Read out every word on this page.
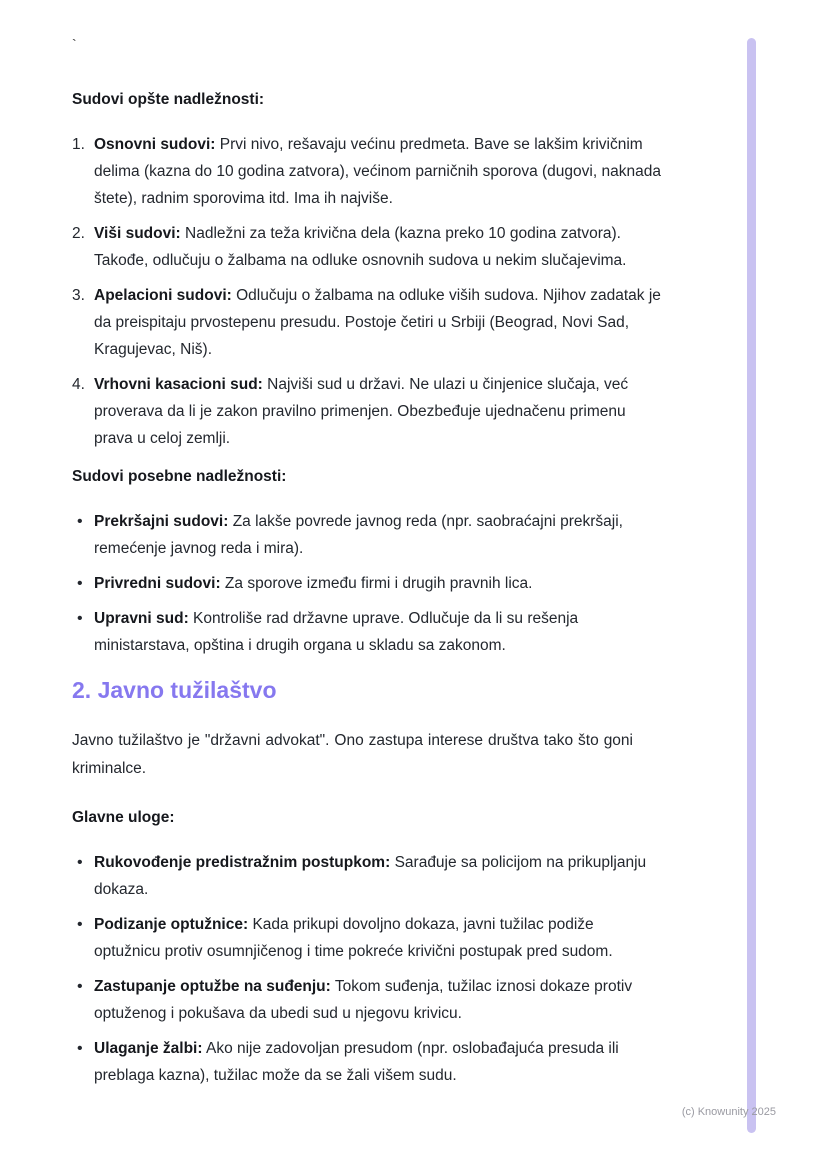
`
Sudovi opšte nadležnosti:
1. Osnovni sudovi: Prvi nivo, rešavaju većinu predmeta. Bave se lakšim krivičnim delima (kazna do 10 godina zatvora), većinom parničnih sporova (dugovi, naknada štete), radnim sporovima itd. Ima ih najviše.
2. Viši sudovi: Nadležni za teža krivična dela (kazna preko 10 godina zatvora). Takođe, odlučuju o žalbama na odluke osnovnih sudova u nekim slučajevima.
3. Apelacioni sudovi: Odlučuju o žalbama na odluke viših sudova. Njihov zadatak je da preispitaju prvostepenu presudu. Postoje četiri u Srbiji (Beograd, Novi Sad, Kragujevac, Niš).
4. Vrhovni kasacioni sud: Najviši sud u državi. Ne ulazi u činjenice slučaja, već proverava da li je zakon pravilno primenjen. Obezbeđuje ujednačenu primenu prava u celoj zemlji.
Sudovi posebne nadležnosti:
•
Prekršajni sudovi: Za lakše povrede javnog reda (npr. saobraćajni prekršaji, remećenje javnog reda i mira).
•
Privredni sudovi: Za sporove između firmi i drugih pravnih lica.
•
Upravni sud: Kontroliše rad državne uprave. Odlučuje da li su rešenja ministarstava, opština i drugih organa u skladu sa zakonom.
2. Javno tužilaštvo

Javno tužilaštvo je "državni advokat". Ono zastupa interese društva tako što goni kriminalce.

Glavne uloge:
•
Rukovođenje predistražnim postupkom: Sarađuje sa policijom na prikupljanju dokaza.
•
Podizanje optužnice: Kada prikupi dovoljno dokaza, javni tužilac podiže optužnicu protiv osumnjičenog i time pokreće krivični postupak pred sudom.
•
Zastupanje optužbe na suđenju: Tokom suđenja, tužilac iznosi dokaze protiv optuženog i pokušava da ubedi sud u njegovu krivicu.
•
Ulaganje žalbi: Ako nije zadovoljan presudom (npr. oslobađajuća presuda ili preblaga kazna), tužilac može da se žali višem sudu.
(c) Knowunity 2025
